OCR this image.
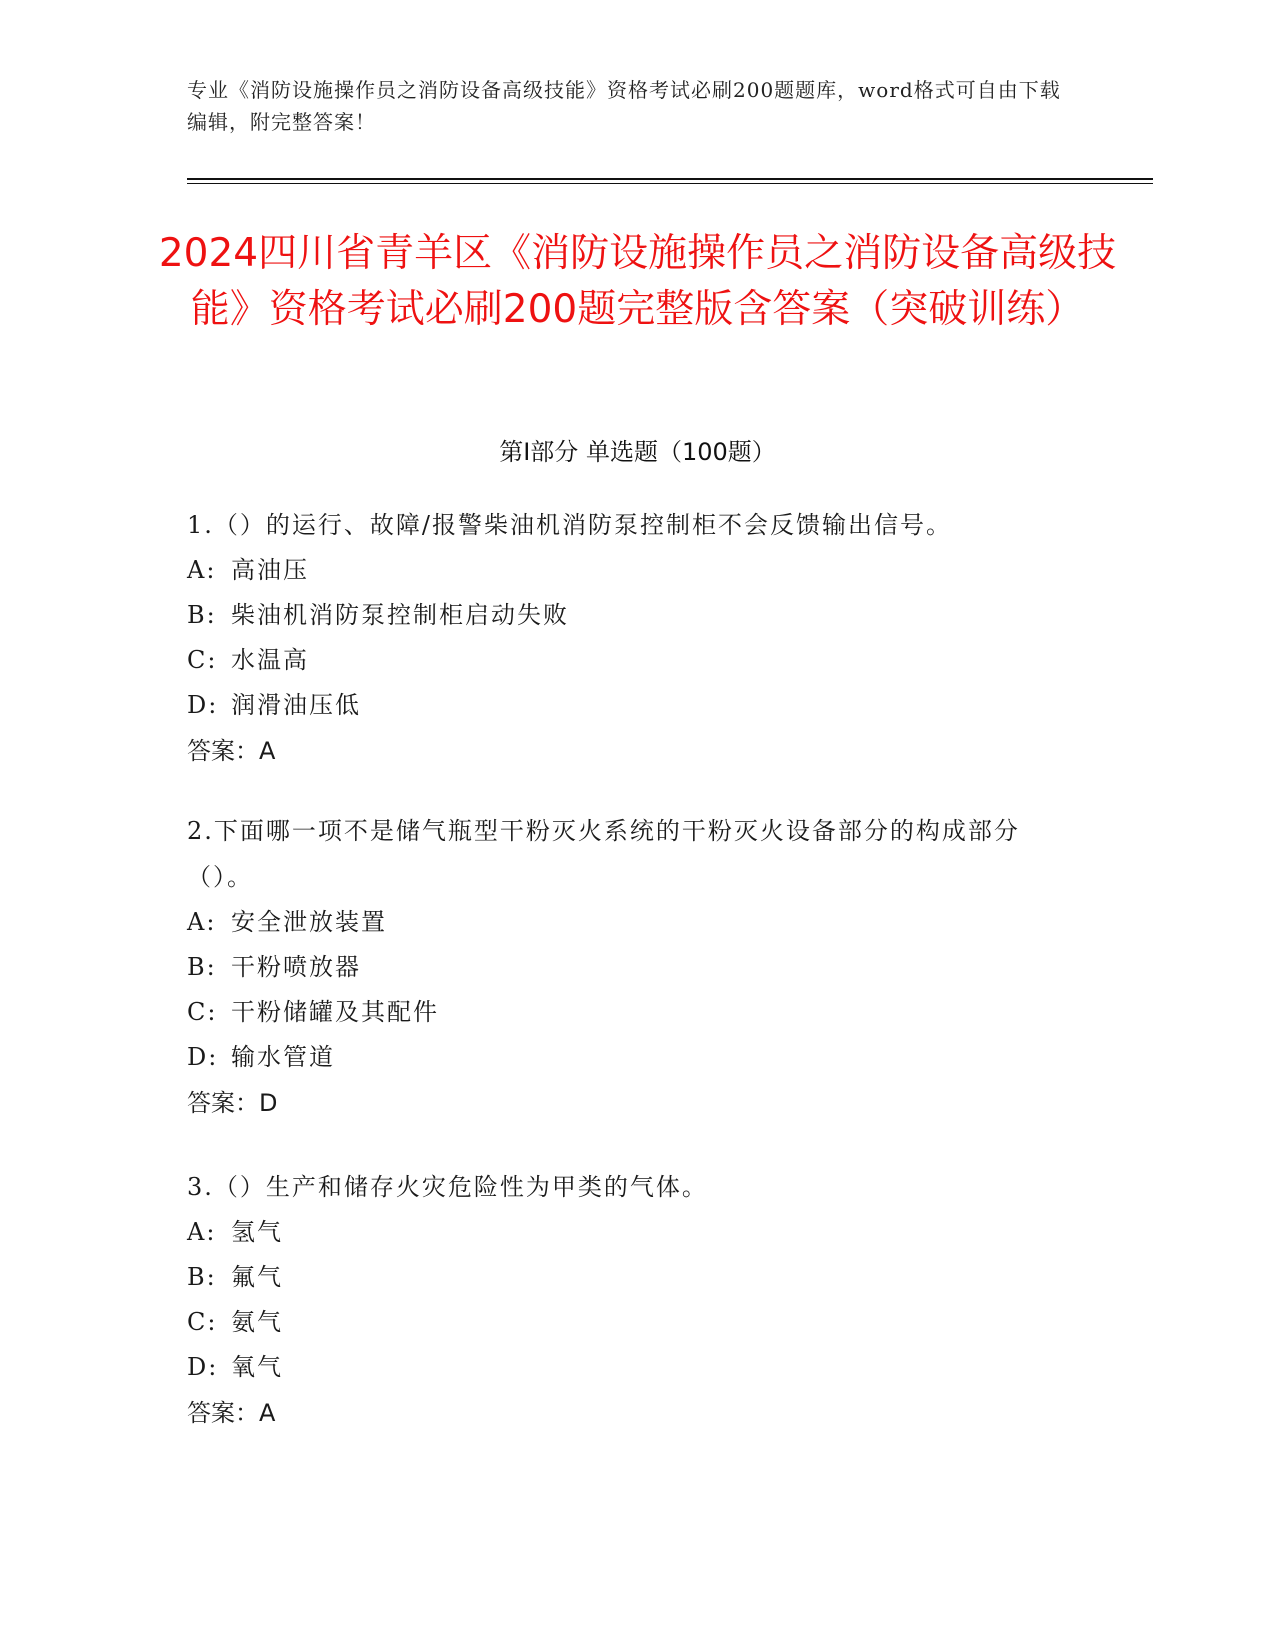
专业《消防设施操作员之消防设备高级技能》资格考试必刷200题题库，word格式可自由下载编辑，附完整答案！
2024四川省青羊区《消防设施操作员之消防设备高级技能》资格考试必刷200题完整版含答案（突破训练）
第I部分 单选题（100题）

1.（）的运行、故障/报警柴油机消防泵控制柜不会反馈输出信号。

A: 高油压
B: 柴油机消防泵控制柜启动失败
C: 水温高
D: 润滑油压低

答案：A

2.下面哪一项不是储气瓶型干粉灭火系统的干粉灭火设备部分的构成部分（）。

A: 安全泄放装置
B: 干粉喷放器
C: 干粉储罐及其配件
D: 输水管道

答案：D

3.（）生产和储存火灾危险性为甲类的气体。

A: 氢气
B: 氟气
C: 氨气
D: 氧气

答案：A
